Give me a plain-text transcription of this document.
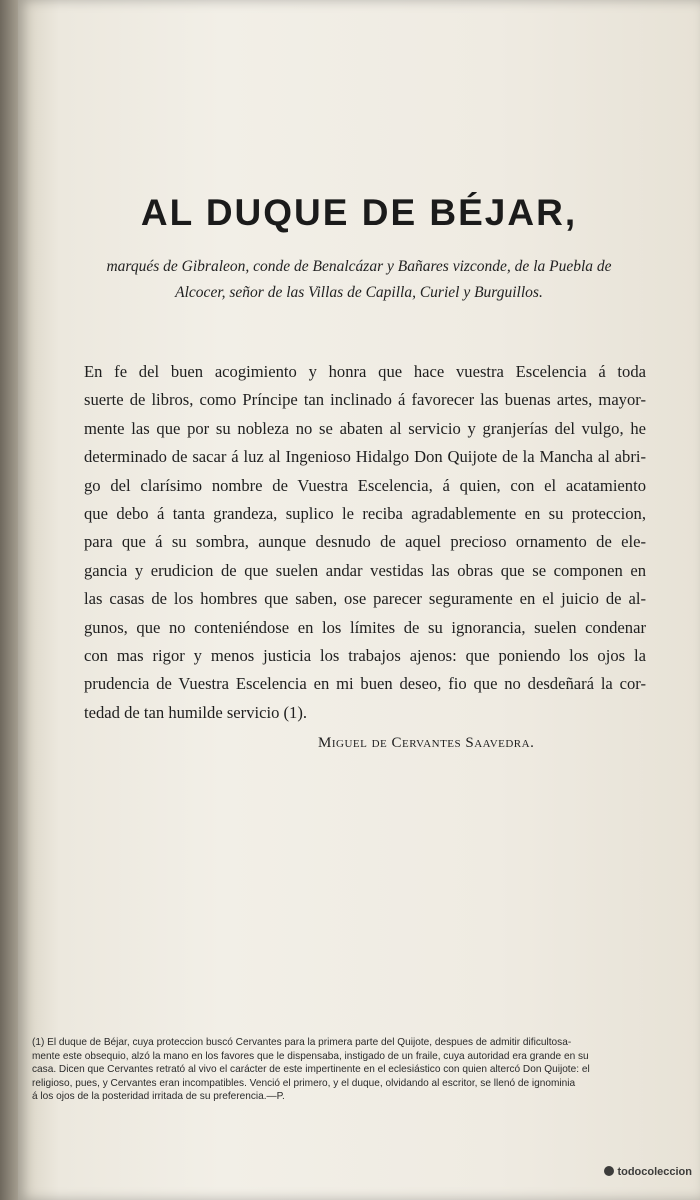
AL DUQUE DE BÉJAR,
marqués de Gibraleon, conde de Benalcázar y Bañares vizconde, de la Puebla de
Alcocer, señor de las Villas de Capilla, Curiel y Burguillos.
En fe del buen acogimiento y honra que hace vuestra Escelencia á toda
suerte de libros, como Príncipe tan inclinado á favorecer las buenas artes, mayor-
mente las que por su nobleza no se abaten al servicio y granjerías del vulgo, he
determinado de sacar á luz al Ingenioso Hidalgo Don Quijote de la Mancha al abri-
go del clarísimo nombre de Vuestra Escelencia, á quien, con el acatamiento
que debo á tanta grandeza, suplico le reciba agradablemente en su proteccion,
para que á su sombra, aunque desnudo de aquel precioso ornamento de ele-
gancia y erudicion de que suelen andar vestidas las obras que se componen en
las casas de los hombres que saben, ose parecer seguramente en el juicio de al-
gunos, que no conteniéndose en los límites de su ignorancia, suelen condenar
con mas rigor y menos justicia los trabajos ajenos: que poniendo los ojos la
prudencia de Vuestra Escelencia en mi buen deseo, fio que no desdeñará la cor-
tedad de tan humilde servicio (1).
Miguel de Cervantes Saavedra.
(1) El duque de Béjar, cuya proteccion buscó Cervantes para la primera parte del Quijote, despues de admitir dificultosa-
mente este obsequio, alzó la mano en los favores que le dispensaba, instigado de un fraile, cuya autoridad era grande en su
casa. Dicen que Cervantes retrató al vivo el carácter de este impertinente en el eclesiástico con quien altercó Don Quijote: el
religioso, pues, y Cervantes eran incompatibles. Venció el primero, y el duque, olvidando al escritor, se llenó de ignominia
á los ojos de la posteridad irritada de su preferencia.—P.
todocoleccion
